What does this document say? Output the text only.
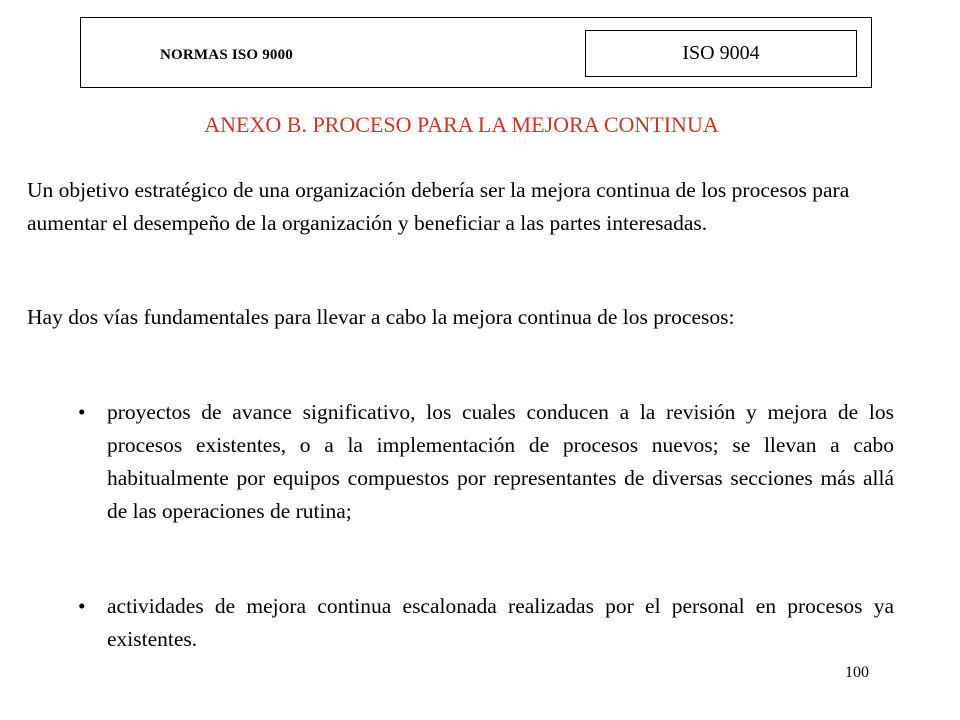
NORMAS ISO 9000	ISO 9004
ANEXO B. PROCESO PARA LA MEJORA CONTINUA

Un objetivo estratégico de una organización debería ser la mejora continua de los procesos para aumentar el desempeño de la organización y beneficiar a las partes interesadas.

Hay dos vías fundamentales para llevar a cabo la mejora continua de los procesos:

• proyectos de avance significativo, los cuales conducen a la revisión y mejora de los procesos existentes, o a la implementación de procesos nuevos; se llevan a cabo habitualmente por equipos compuestos por representantes de diversas secciones más allá de las operaciones de rutina;

• actividades de mejora continua escalonada realizadas por el personal en procesos ya existentes.

100
